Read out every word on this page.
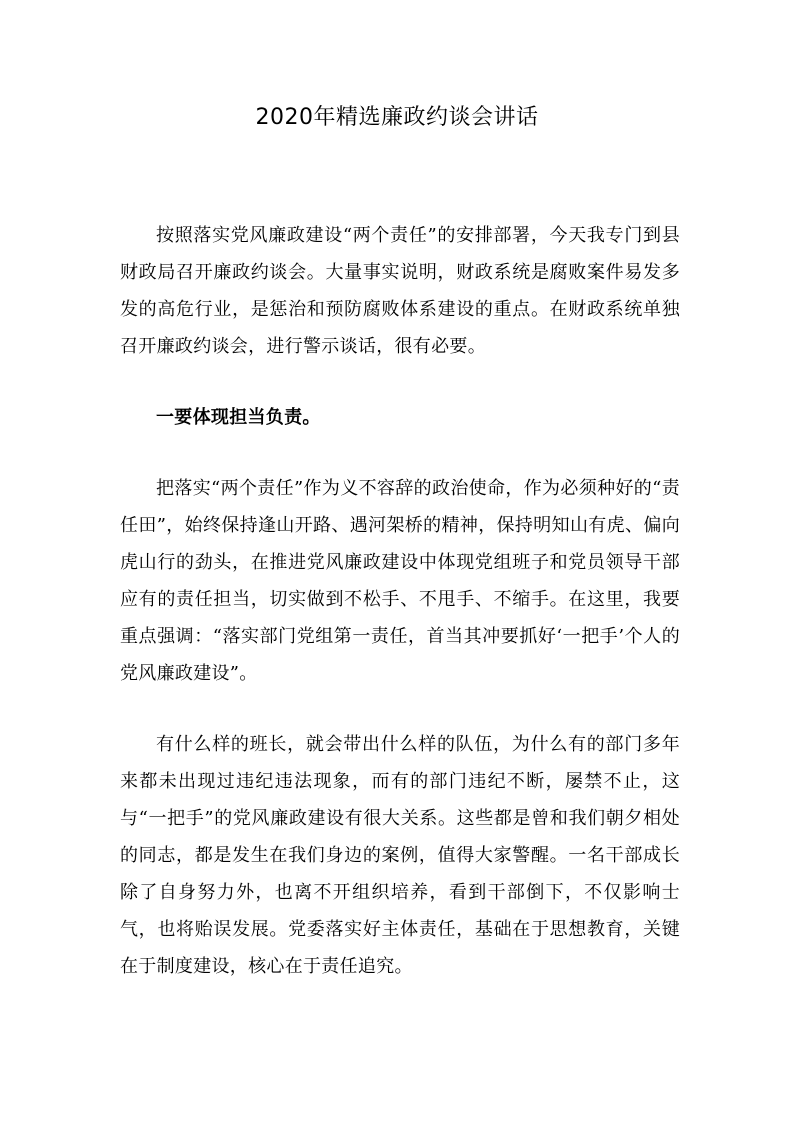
2020年精选廉政约谈会讲话

按照落实党风廉政建设“两个责任”的安排部署，今天我专门到县财政局召开廉政约谈会。大量事实说明，财政系统是腐败案件易发多发的高危行业，是惩治和预防腐败体系建设的重点。在财政系统单独召开廉政约谈会，进行警示谈话，很有必要。

一要体现担当负责。

把落实“两个责任”作为义不容辞的政治使命，作为必须种好的“责任田”，始终保持逢山开路、遇河架桥的精神，保持明知山有虎、偏向虎山行的劲头，在推进党风廉政建设中体现党组班子和党员领导干部应有的责任担当，切实做到不松手、不甩手、不缩手。在这里，我要重点强调：“落实部门党组第一责任，首当其冲要抓好‘一把手’个人的党风廉政建设”。

有什么样的班长，就会带出什么样的队伍，为什么有的部门多年来都未出现过违纪违法现象，而有的部门违纪不断，屡禁不止，这与“一把手”的党风廉政建设有很大关系。这些都是曾和我们朝夕相处的同志，都是发生在我们身边的案例，值得大家警醒。一名干部成长除了自身努力外，也离不开组织培养，看到干部倒下，不仅影响士气，也将贻误发展。党委落实好主体责任，基础在于思想教育，关键在于制度建设，核心在于责任追究。
